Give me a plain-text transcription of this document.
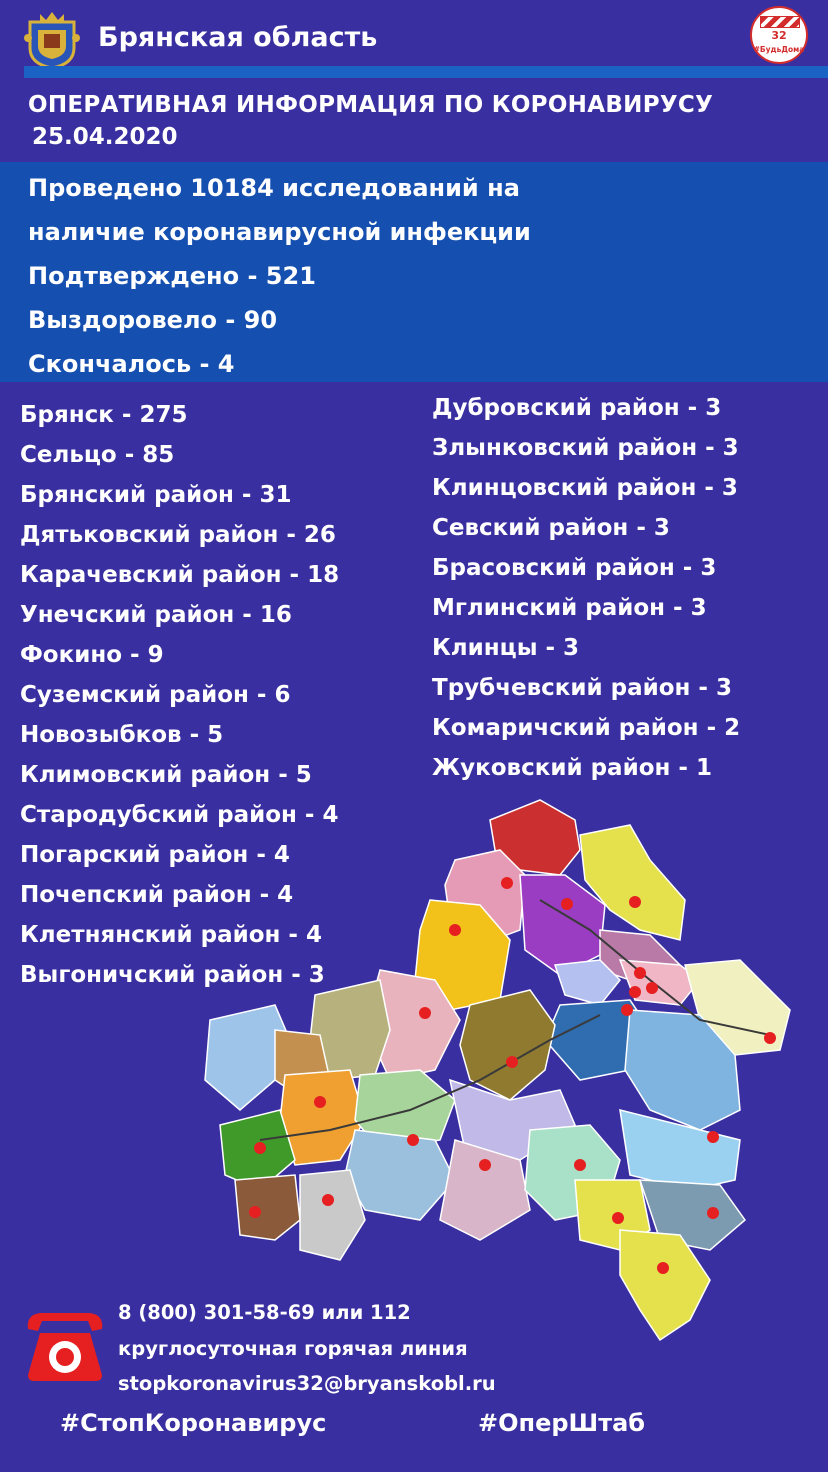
Брянская область	32
#БудьДома
ОПЕРАТИВНАЯ ИНФОРМАЦИЯ ПО КОРОНАВИРУСУ
25.04.2020
Проведено 10184 исследований на
наличие коронавирусной инфекции
Подтверждено - 521
Выздоровело - 90
Скончалось - 4
Брянск - 275
Сельцо - 85
Брянский район - 31
Дятьковский район - 26
Карачевский район - 18
Унечский район - 16
Фокино - 9
Суземский район - 6
Новозыбков - 5
Климовский район - 5
Стародубский район - 4
Погарский район - 4
Почепский район - 4
Клетнянский район - 4
Выгоничский район - 3
Дубровский район - 3
Злынковский район - 3
Клинцовский район - 3
Севский район - 3
Брасовский район - 3
Мглинский район - 3
Клинцы - 3
Трубчевский район - 3
Комаричский район - 2
Жуковский район - 1
8 (800) 301-58-69 или 112
круглосуточная горячая линия
stopkoronavirus32@bryanskobl.ru
#СтопКоронавирус	#ОперШтаб
